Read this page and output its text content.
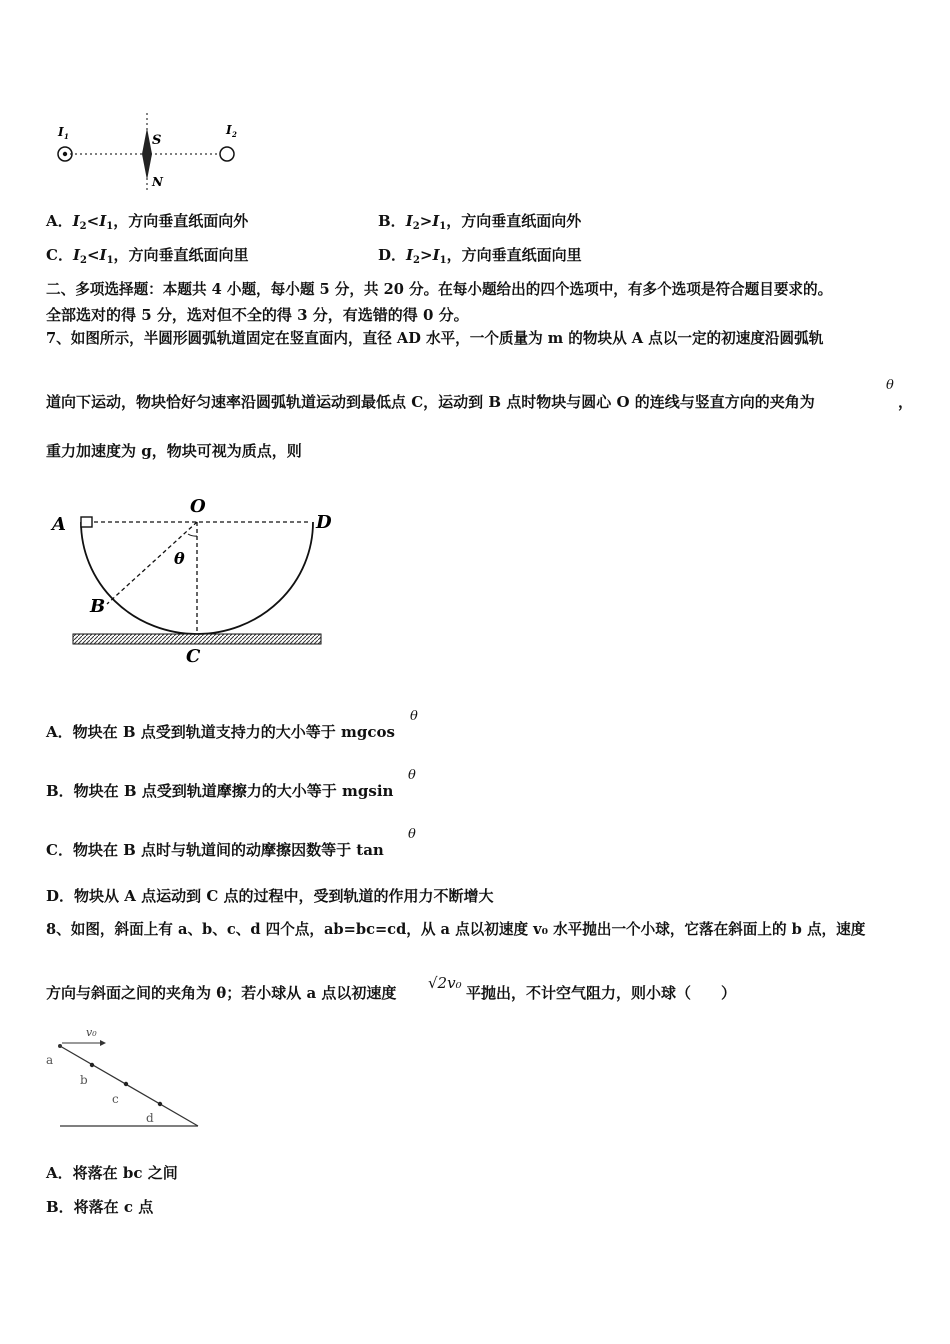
I 1	I 2
S
N
A．$I_2<I_1$，方向垂直纸面向外	B．$I_2>I_1$，方向垂直纸面向外
C．$I_2<I_1$，方向垂直纸面向里	D．$I_2>I_1$，方向垂直纸面向里
二、多项选择题：本题共 4 小题，每小题 5 分，共 20 分。在每小题给出的四个选项中，有多个选项是符合题目要求的。
全部选对的得 5 分，选对但不全的得 3 分，有选错的得 0 分。
7、如图所示，半圆形圆弧轨道固定在竖直面内，直径 AD 水平，一个质量为 m 的物块从 A 点以一定的初速度沿圆弧轨
道向下运动，物块恰好匀速率沿圆弧轨道运动到最低点 C，运动到 B 点时物块与圆心 O 的连线与竖直方向的夹角为
θ
，
重力加速度为 g，物块可视为质点，则
A
O
D
θ
B
C
A．物块在 B 点受到轨道支持力的大小等于 mgcos
θ
B．物块在 B 点受到轨道摩擦力的大小等于 mgsin
θ
C．物块在 B 点时与轨道间的动摩擦因数等于 tan
θ
D．物块从 A 点运动到 C 点的过程中，受到轨道的作用力不断增大
8、如图，斜面上有 a、b、c、d 四个点，ab=bc=cd，从 a 点以初速度 v₀ 水平抛出一个小球，它落在斜面上的 b 点，速度
方向与斜面之间的夹角为 θ；若小球从 a 点以初速度
√2v₀
平抛出，不计空气阻力，则小球（　　）
v₀
a
b
c
d
A．将落在 bc 之间
B．将落在 c 点
